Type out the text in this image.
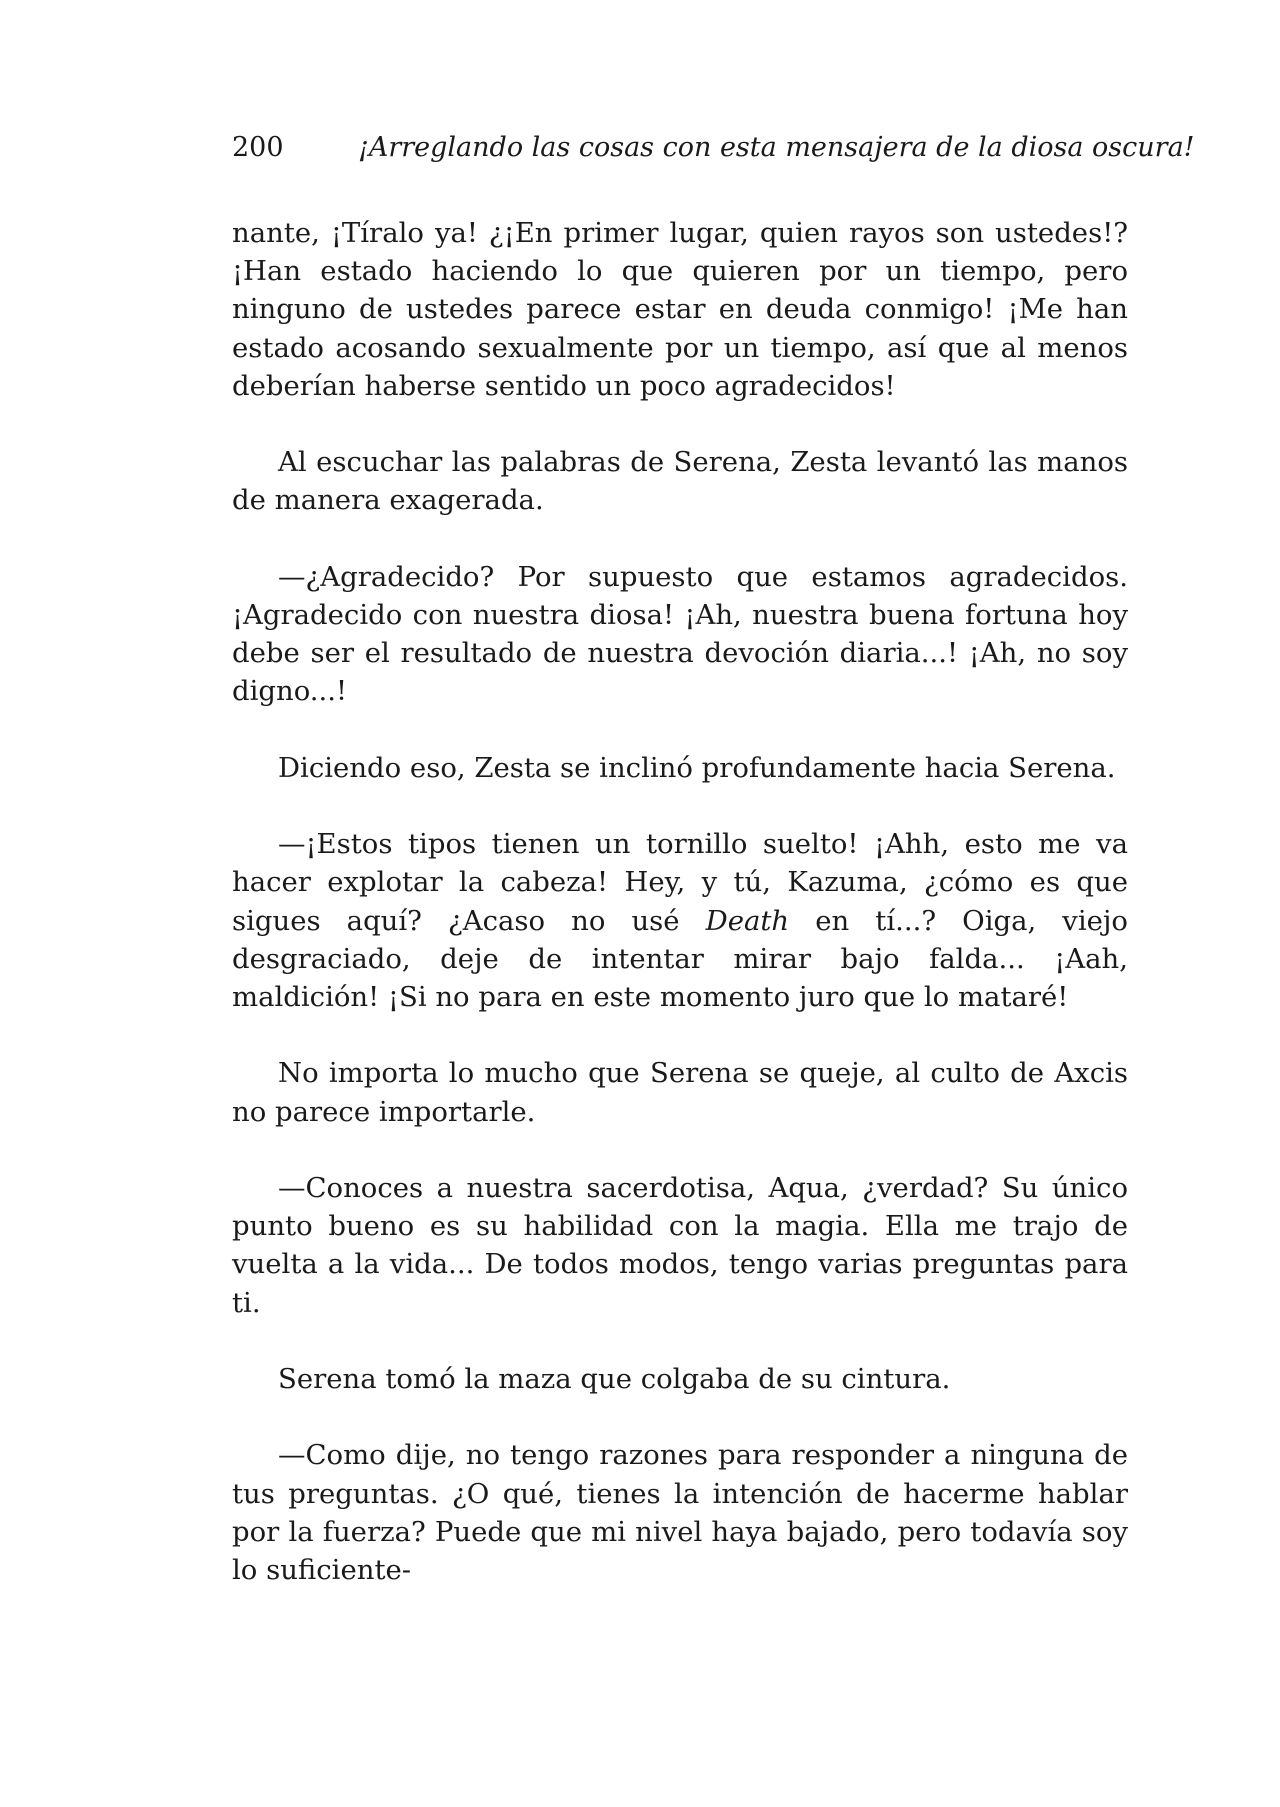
200	¡Arreglando las cosas con esta mensajera de la diosa oscura!

nante, ¡Tíralo ya! ¿¡En primer lugar, quien rayos son ustedes!? ¡Han estado haciendo lo que quieren por un tiempo, pero ninguno de ustedes parece estar en deuda conmigo! ¡Me han estado acosando sexualmente por un tiempo, así que al menos deberían haberse sentido un poco agradecidos!

Al escuchar las palabras de Serena, Zesta levantó las manos de manera exagerada.

—¿Agradecido? Por supuesto que estamos agradecidos. ¡Agradecido con nuestra diosa! ¡Ah, nuestra buena fortuna hoy debe ser el resultado de nuestra devoción diaria...! ¡Ah, no soy digno...!

Diciendo eso, Zesta se inclinó profundamente hacia Serena.

—¡Estos tipos tienen un tornillo suelto! ¡Ahh, esto me va hacer explotar la cabeza! Hey, y tú, Kazuma, ¿cómo es que sigues aquí? ¿Acaso no usé Death en tí...? Oiga, viejo desgraciado, deje de intentar mirar bajo falda... ¡Aah, maldición! ¡Si no para en este momento juro que lo mataré!

No importa lo mucho que Serena se queje, al culto de Axcis no parece importarle.

—Conoces a nuestra sacerdotisa, Aqua, ¿verdad? Su único punto bueno es su habilidad con la magia. Ella me trajo de vuelta a la vida... De todos modos, tengo varias preguntas para ti.

Serena tomó la maza que colgaba de su cintura.

—Como dije, no tengo razones para responder a ninguna de tus preguntas. ¿O qué, tienes la intención de hacerme hablar por la fuerza? Puede que mi nivel haya bajado, pero todavía soy lo suficiente-
